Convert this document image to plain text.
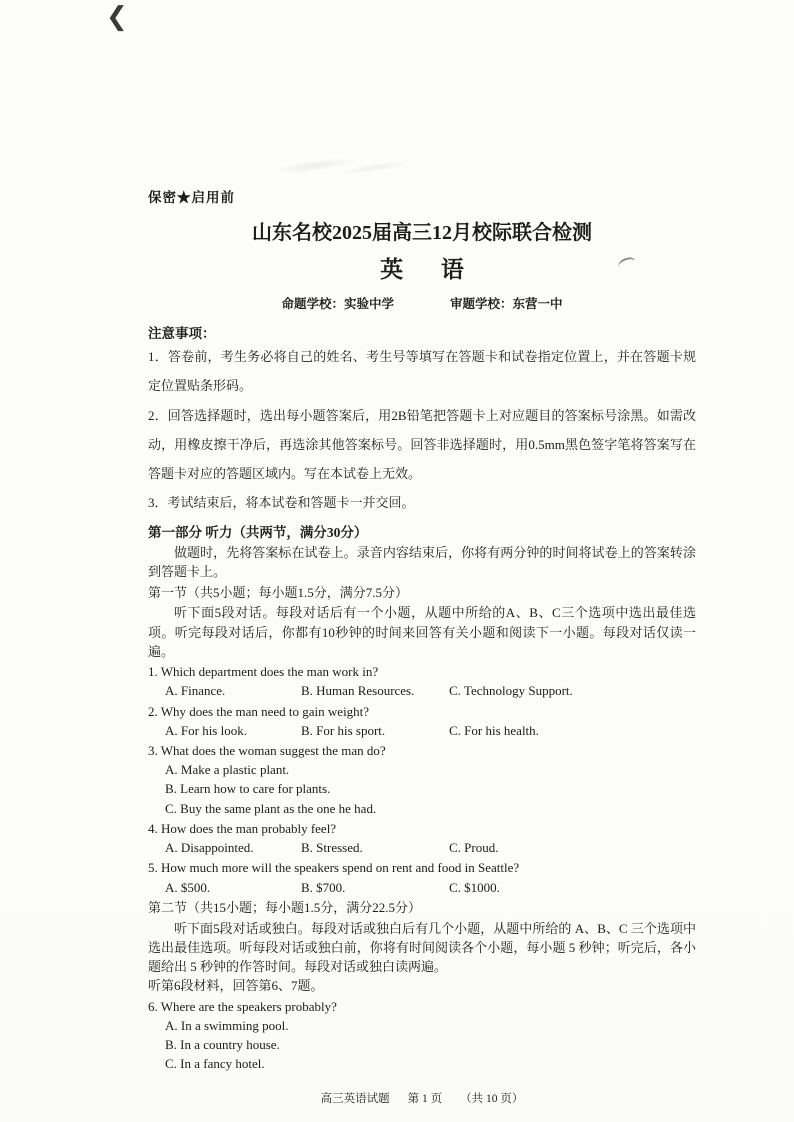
❮
保密★启用前
山东名校2025届高三12月校际联合检测
英 语
命题学校：实验中学	审题学校：东营一中
注意事项：
1．答卷前，考生务必将自己的姓名、考生号等填写在答题卡和试卷指定位置上，并在答题卡规定位置贴条形码。
2．回答选择题时，选出每小题答案后，用2B铅笔把答题卡上对应题目的答案标号涂黑。如需改动，用橡皮擦干净后，再选涂其他答案标号。回答非选择题时，用0.5mm黑色签字笔将答案写在答题卡对应的答题区域内。写在本试卷上无效。
3．考试结束后，将本试卷和答题卡一并交回。
第一部分 听力（共两节，满分30分）
做题时，先将答案标在试卷上。录音内容结束后，你将有两分钟的时间将试卷上的答案转涂到答题卡上。
第一节（共5小题；每小题1.5分，满分7.5分）
听下面5段对话。每段对话后有一个小题，从题中所给的A、B、C三个选项中选出最佳选项。听完每段对话后，你都有10秒钟的时间来回答有关小题和阅读下一小题。每段对话仅读一遍。
1. Which department does the man work in?
A. Finance.	B. Human Resources.	C. Technology Support.
2. Why does the man need to gain weight?
A. For his look.	B. For his sport.	C. For his health.
3. What does the woman suggest the man do?
A. Make a plastic plant.
B. Learn how to care for plants.
C. Buy the same plant as the one he had.
4. How does the man probably feel?
A. Disappointed.	B. Stressed.	C. Proud.
5. How much more will the speakers spend on rent and food in Seattle?
A. $500.	B. $700.	C. $1000.
第二节（共15小题；每小题1.5分，满分22.5分）
听下面5段对话或独白。每段对话或独白后有几个小题，从题中所给的 A、B、C 三个选项中选出最佳选项。听每段对话或独白前，你将有时间阅读各个小题，每小题 5 秒钟；听完后，各小题给出 5 秒钟的作答时间。每段对话或独白读两遍。
听第6段材料，回答第6、7题。
6. Where are the speakers probably?
A. In a swimming pool.
B. In a country house.
C. In a fancy hotel.
高三英语试题 第 1 页 （共 10 页）
